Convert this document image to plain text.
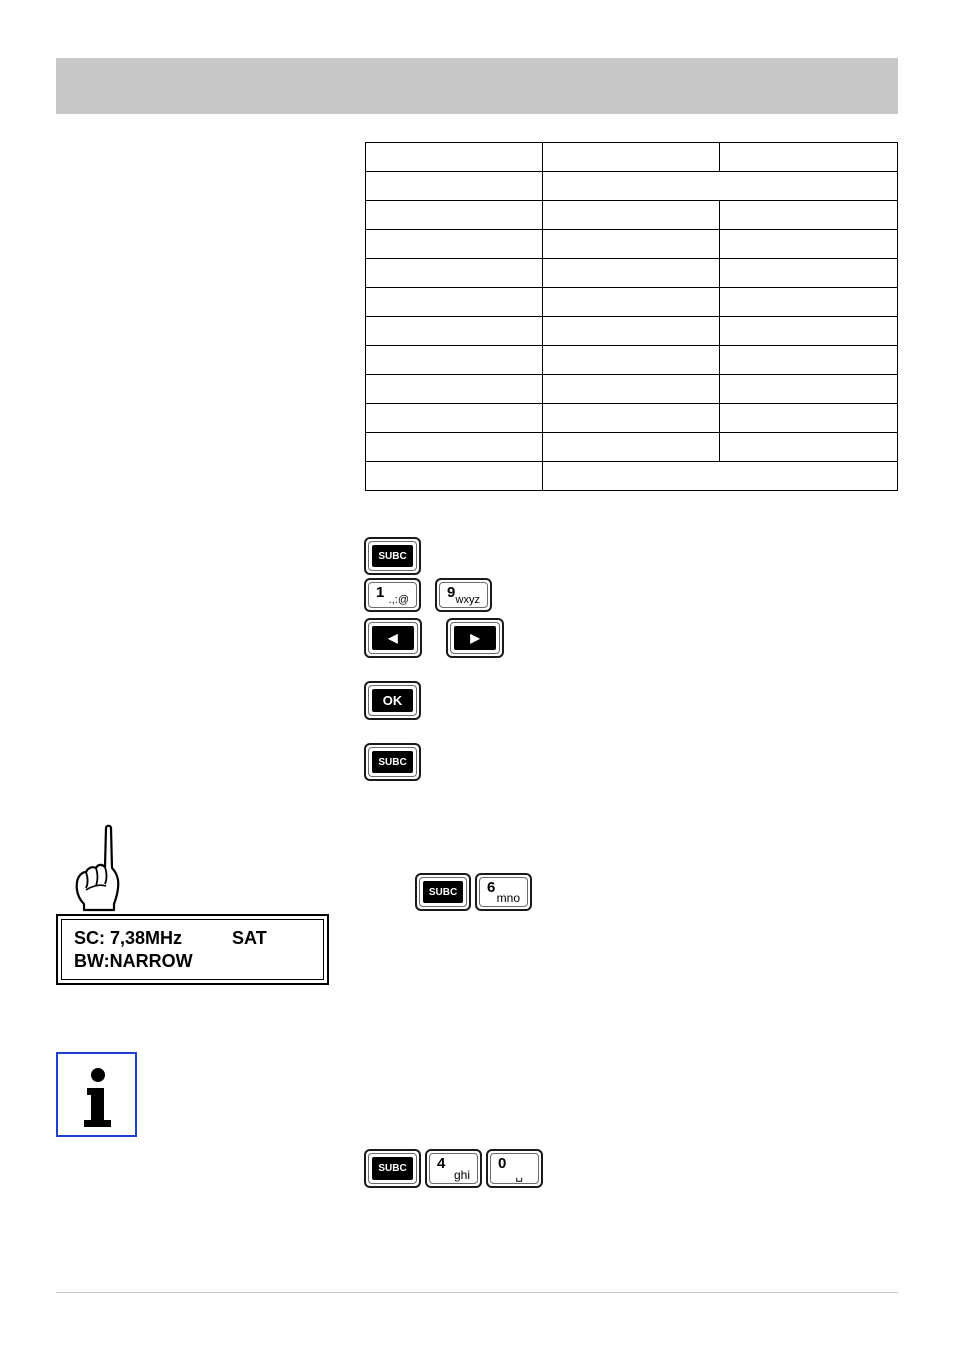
SUBC
1 .,:@	9 wxyz
◀	▶
OK
SUBC
SUBC	6
mno
SC: 7,38MHz          SAT
BW:NARROW
SUBC	4
ghi
0
␣
